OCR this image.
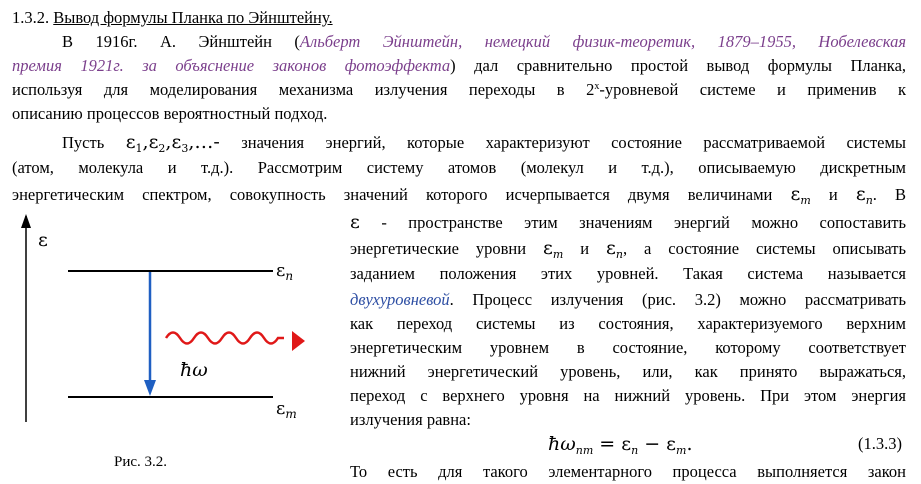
1.3.2. Вывод формулы Планка по Эйнштейну.
В 1916г. А. Эйнштейн (Альберт Эйнштейн, немецкий физик-теоретик, 1879–1955, Нобелевская
премия 1921г. за объяснение законов фотоэффекта) дал сравнительно простой вывод формулы Планка,
используя для моделирования механизма излучения переходы в $2^х$-уровневой системе и применив к
описанию процессов вероятностный подход.
Пусть $\varepsilon_1,\varepsilon_2,\varepsilon_3,\dots-$ значения энергий, которые характеризуют состояние рассматриваемой системы
(атом, молекула и т.д.). Рассмотрим систему атомов (молекул и т.д.), описываемую дискретным
энергетическим спектром, совокупность значений которого исчерпывается двумя величинами $\varepsilon_m$ и $\varepsilon_n$. В
ε - пространстве этим значениям энергий можно сопоставить
энергетические уровни $\varepsilon_m$ и $\varepsilon_n$, а состояние системы описывать
заданием положения этих уровней. Такая система называется
двухуровневой. Процесс излучения (рис. 3.2) можно рассматривать
как переход системы из состояния, характеризуемого верхним
энергетическим уровнем в состояние, которому соответствует
нижний энергетический уровень, или, как принято выражаться,
переход с верхнего уровня на нижний уровень. При этом энергия
излучения равна:
$ħ\omega_{nm} = \varepsilon_n - \varepsilon_m$.	(1.3.3)
То есть для такого элементарного процесса выполняется закон
ε
$\varepsilon_n$
$\varepsilon_m$
ħω
Рис. 3.2.
